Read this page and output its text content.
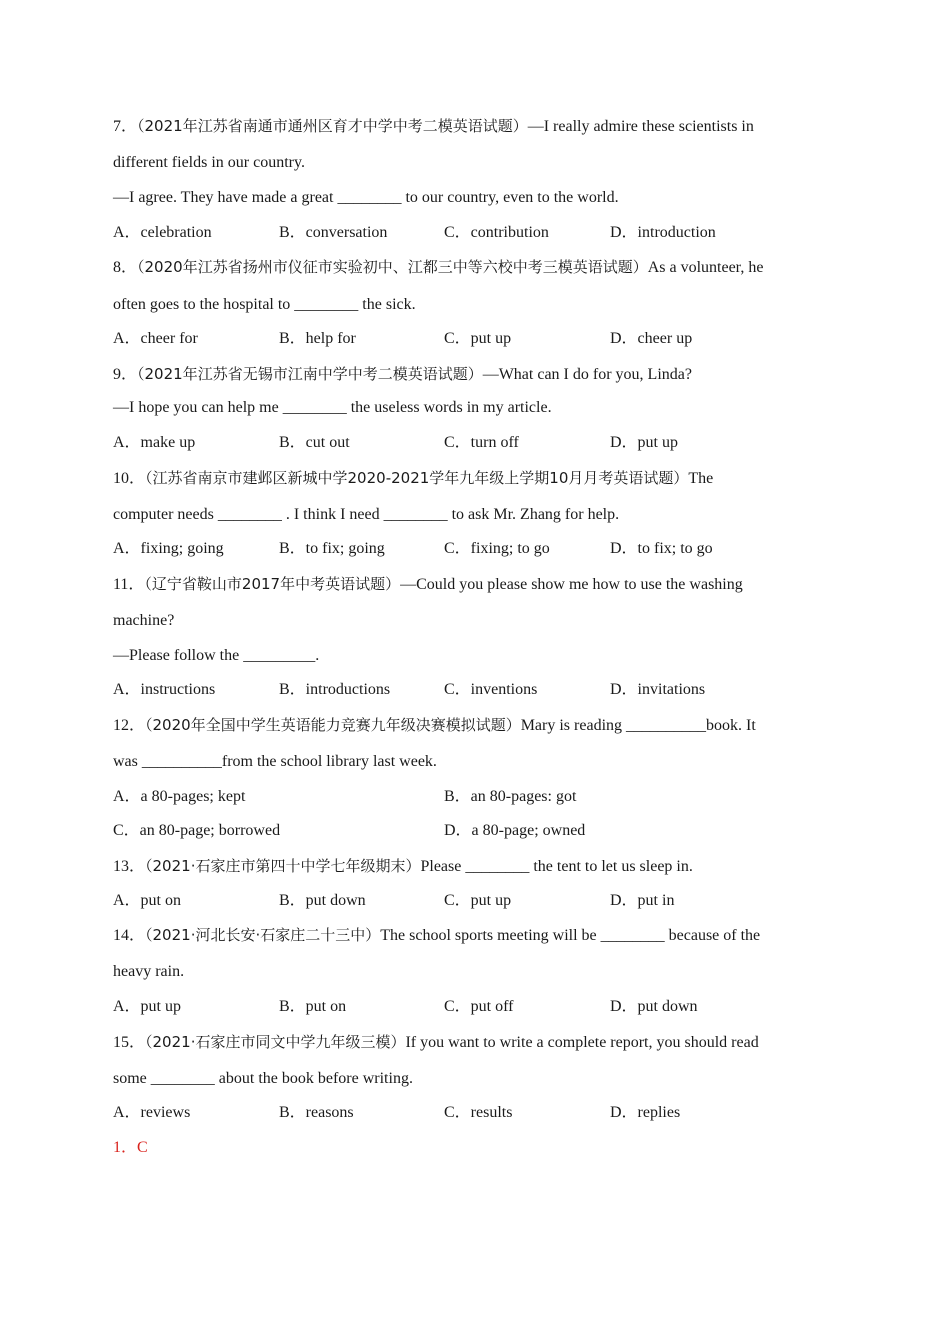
7．（2021年江苏省南通市通州区育才中学中考二模英语试题）—I really admire these scientists in
different fields in our country.
—I agree. They have made a great ________ to our country, even to the world.
A．celebration	B．conversation	C．contribution	D．introduction
8．（2020年江苏省扬州市仪征市实验初中、江都三中等六校中考三模英语试题）As a volunteer, he
often goes to the hospital to ________ the sick.
A．cheer for	B．help for	C．put up	D．cheer up
9．（2021年江苏省无锡市江南中学中考二模英语试题）—What can I do for you, Linda?
—I hope you can help me ________ the useless words in my article.
A．make up	B．cut out	C．turn off	D．put up
10．（江苏省南京市建邺区新城中学2020-2021学年九年级上学期10月月考英语试题）The
computer needs ________ . I think I need ________ to ask Mr. Zhang for help.
A．fixing; going	B．to fix; going	C．fixing; to go	D．to fix; to go
11．（辽宁省鞍山市2017年中考英语试题）—Could you please show me how to use the washing
machine?
—Please follow the _________.
A．instructions	B．introductions	C．inventions	D．invitations
12．（2020年全国中学生英语能力竞赛九年级决赛模拟试题）Mary is reading __________book. It
was __________from the school library last week.
A．a 80-pages; kept	B．an 80-pages: got
C．an 80-page; borrowed	D．a 80-page; owned
13．（2021·石家庄市第四十中学七年级期末）Please ________ the tent to let us sleep in.
A．put on	B．put down	C．put up	D．put in
14．（2021·河北长安·石家庄二十三中）The school sports meeting will be ________ because of the
heavy rain.
A．put up	B．put on	C．put off	D．put down
15．（2021·石家庄市同文中学九年级三模）If you want to write a complete report, you should read
some ________ about the book before writing.
A．reviews	B．reasons	C．results	D．replies
1．C
